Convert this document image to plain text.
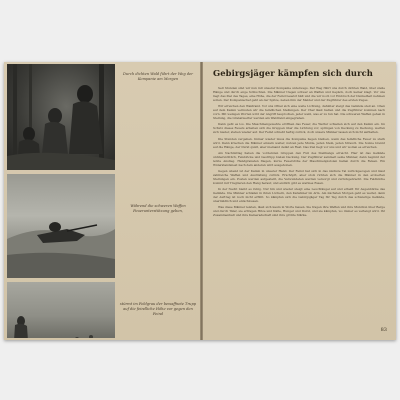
Durch dichten Wald führt der Weg der Kompanie am Morgen
Während die schweren Waffen Feuerunterstützung geben,
stürmt im Feldgrau der bewaffnete Trupp auf die feindliche Höhe vor gegen den Feind
Gebirgsjäger kämpfen sich durch

Seit Stunden sind wir nun mit unserer Kompanie unterwegs. Der Weg führt uns durch dichten Wald, über steile Hänge und durch enge Schluchten. Die Männer tragen schwer an Waffen und Gepäck, doch keiner klagt. Vor uns liegt das Ziel des Tages, eine Höhe, die der Feind besetzt hält und die wir noch vor Einbruch der Dunkelheit nehmen sollen. Der Kompaniechef geht an der Spitze, neben ihm der Melder und der Zugführer des ersten Zuges.

Wir erreichen den Waldrand. Vor uns öffnet sich eine weite Lichtung, dahinter steigt das Gelände steil an. Oben auf dem Kamm vermuten wir die feindlichen Stellungen. Der Chef lässt halten und die Zugführer kommen nach vorn. Mit wenigen Worten wird der Angriff besprochen, jeder weiß, was er zu tun hat. Die schweren Waffen gehen in Stellung, die Granatwerfer werden am Waldrand eingegraben.

Dann geht es los. Die Maschinengewehre eröffnen das Feuer, die Werfer schießen sich auf den Kamm ein. Im Schutz dieses Feuers arbeiten sich die Gruppen über die Lichtung vor, springen von Deckung zu Deckung, werfen sich nieder, stehen wieder auf. Der Feind schießt heftig zurück, doch unsere Männer lassen sich nicht aufhalten.

Die Stunden vergehen. Immer wieder muss die Kompanie liegen bleiben, wenn das feindliche Feuer zu stark wird. Dann kriechen die Männer einzeln weiter, nutzen jede Mulde, jeden Stein, jeden Strauch. Die Sonne brennt auf die Hänge, der Durst quält, aber niemand denkt an Rast. Das Ziel liegt vor uns und wir wollen es erreichen.

Am Nachmittag haben die vordersten Gruppen den Fuß des Steilhangs erreicht. Hier ist das Gelände unübersichtlich, Felsblöcke und Gestrüpp bieten Deckung. Der Zugführer sammelt seine Männer, dann beginnt der letzte Anstieg. Handgranaten fliegen, kurze Feuerstöße der Maschinenpistolen hallen durch die Felsen. Ein Widerstandsnest nach dem anderen wird ausgehoben.

Gegen Abend ist der Kamm in unserer Hand. Der Feind hat sich in das nächste Tal zurückgezogen und lässt zahlreiche Waffen und Ausrüstung zurück. Erschöpft, aber stolz richten sich die Männer in den eroberten Stellungen ein. Posten werden aufgestellt, die Verwundeten werden versorgt und zurückgebracht. Die Feldküche kommt mit Tragtieren den Hang herauf, und endlich gibt es warmes Essen.

In der Nacht bleibt es ruhig. Nur hin und wieder steigt eine Leuchtkugel auf und erhellt für Augenblicke das Gelände. Die Männer schlafen in ihren Löchern, den Karabiner im Arm. Am nächsten Morgen geht es weiter, denn der Auftrag ist noch nicht erfüllt. So kämpfen sich die Gebirgsjäger Tag für Tag durch das schwierige Gelände, unermüdlich und entschlossen.

Was diese Männer leisten, lässt sich kaum in Worte fassen. Sie tragen ihre Waffen und ihre Munition über Berge und durch Täler, sie ertragen Hitze und Kälte, Hunger und Durst, und sie kämpfen, wo immer es verlangt wird. Ihr Zusammenhalt und ihre Kameradschaft sind ihre größte Stärke.

83
